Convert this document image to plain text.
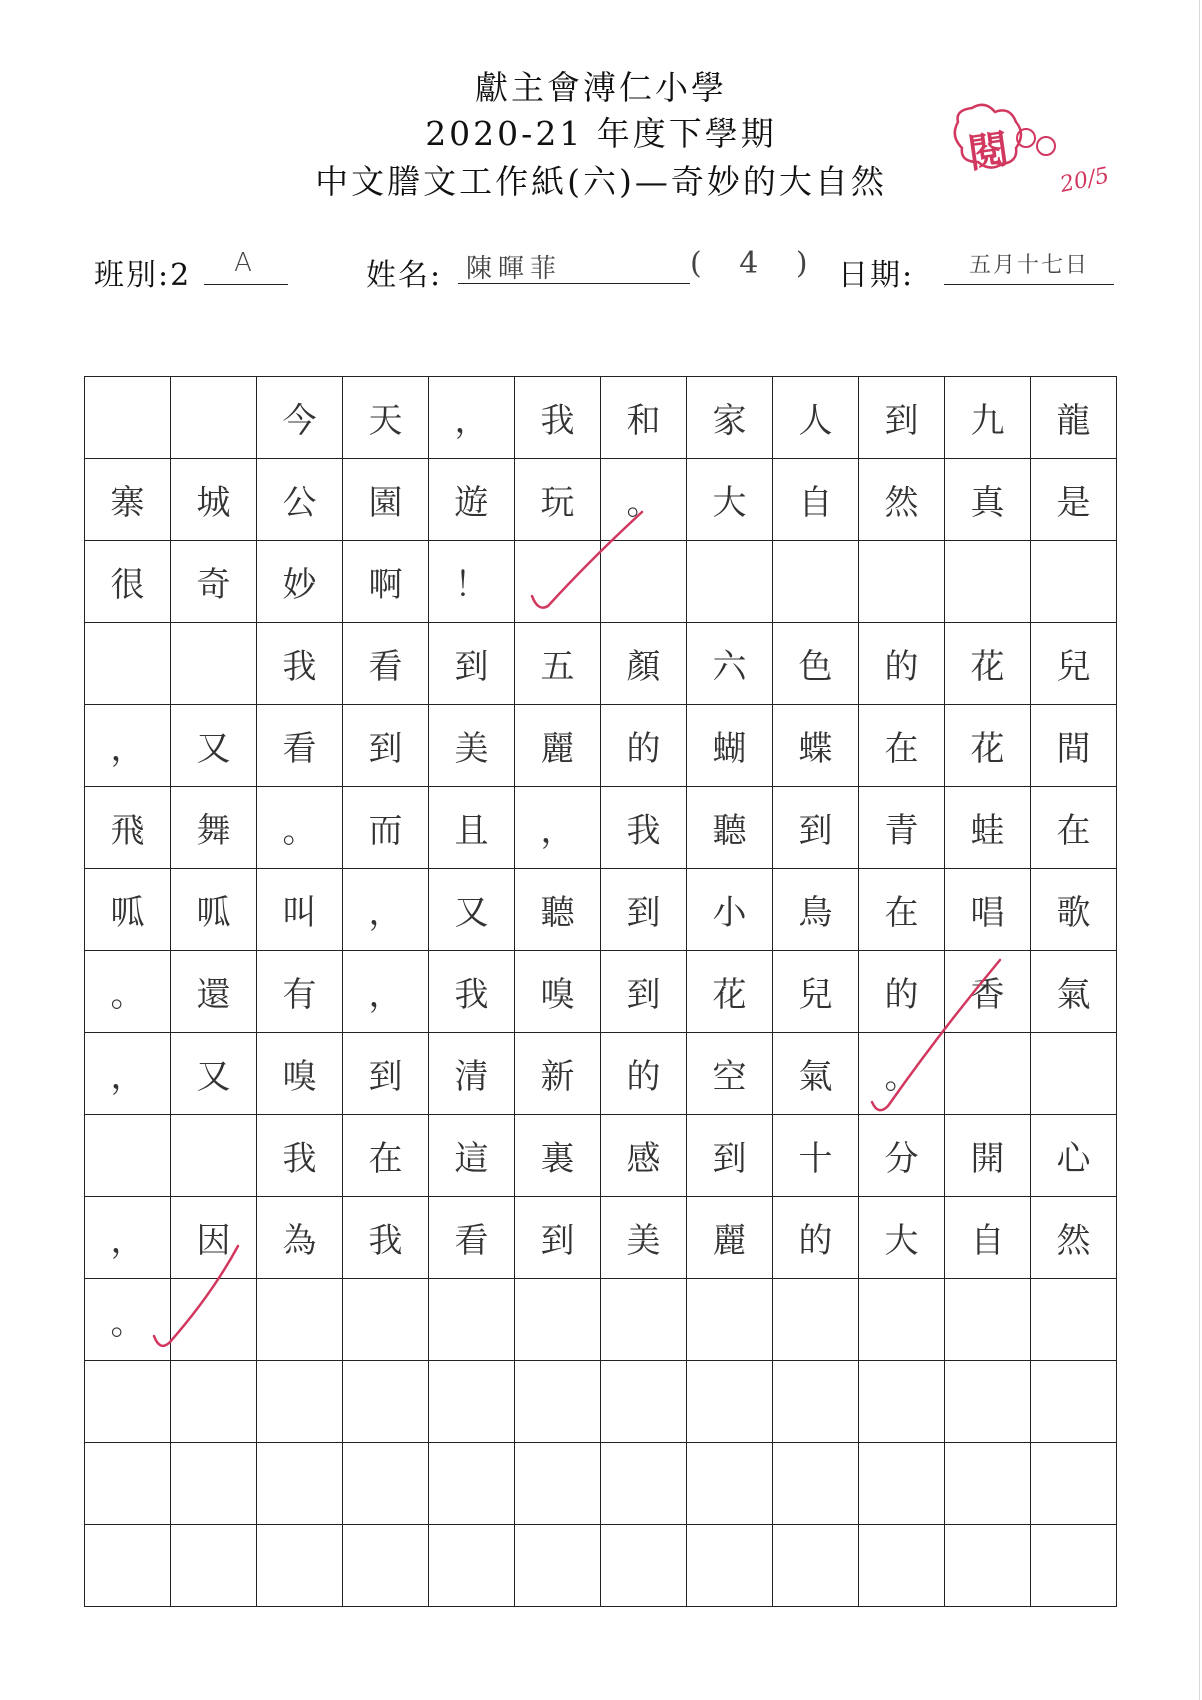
獻主會溥仁小學
2020-21 年度下學期
中文謄文工作紙(六)—奇妙的大自然
閱
20/5
班別:2	A	姓名: 陳暉菲	( 4 ) 日期:	五月十七日
		今	天	，	我	和	家	人	到	九	龍
寨	城	公	園	遊	玩	。	大	自	然	真	是
很	奇	妙	啊	！							
		我	看	到	五	顏	六	色	的	花	兒
，	又	看	到	美	麗	的	蝴	蝶	在	花	間
飛	舞	。	而	且	，	我	聽	到	青	蛙	在
呱	呱	叫	，	又	聽	到	小	鳥	在	唱	歌
。	還	有	，	我	嗅	到	花	兒	的	香	氣
，	又	嗅	到	清	新	的	空	氣	。		
		我	在	這	裏	感	到	十	分	開	心
，	因	為	我	看	到	美	麗	的	大	自	然
。											
